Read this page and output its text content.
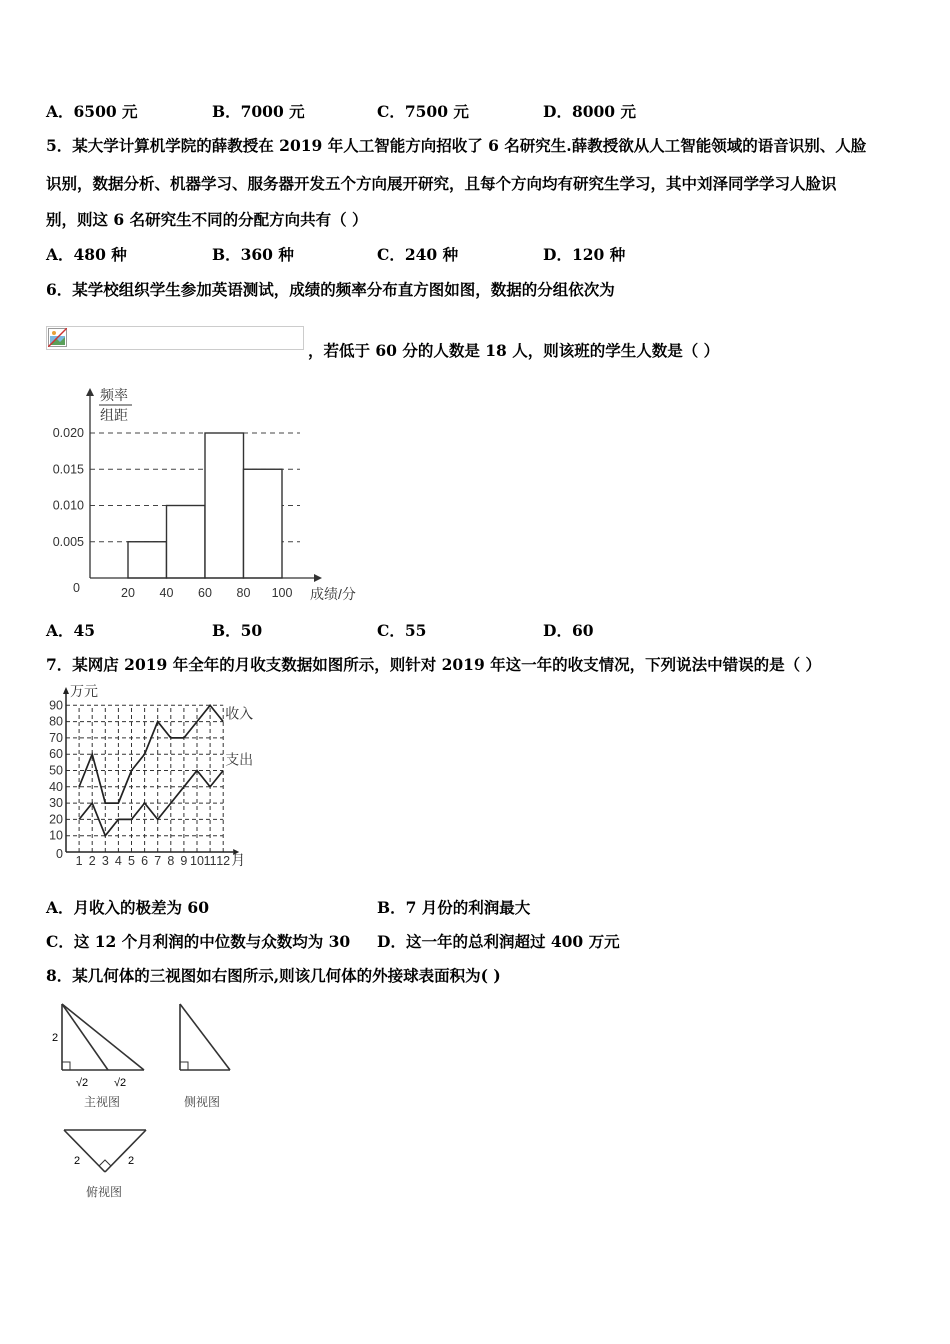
A．6500 元	B．7000 元	C．7500 元	D．8000 元
5．某大学计算机学院的薛教授在 2019 年人工智能方向招收了 6 名研究生.薛教授欲从人工智能领域的语音识别、人脸
识别，数据分析、机器学习、服务器开发五个方向展开研究，且每个方向均有研究生学习，其中刘泽同学学习人脸识
别，则这 6 名研究生不同的分配方向共有（ ）
A．480 种	B．360 种	C．240 种	D．120 种
6．某学校组织学生参加英语测试，成绩的频率分布直方图如图，数据的分组依次为
，若低于 60 分的人数是 18 人，则该班的学生人数是（ ）
0.005
0.010
0.015
0.020
0	20 40 60 80 100
频率
组距
成绩/分
A．45	B．50	C．55	D．60
7．某网店 2019 年全年的月收支数据如图所示，则针对 2019 年这一年的收支情况，下列说法中错误的是（ ）
0
10
20
30
40
50
60
70
80
90
1 2 3 4 5 6 7 8 9 10 11 12 月
万元
收入
支出
A．月收入的极差为 60	B．7 月份的利润最大
C．这 12 个月利润的中位数与众数均为 30 D．这一年的总利润超过 400 万元
8．某几何体的三视图如右图所示,则该几何体的外接球表面积为( )
2
√2 √2
主视图	侧视图
2	2
俯视图
